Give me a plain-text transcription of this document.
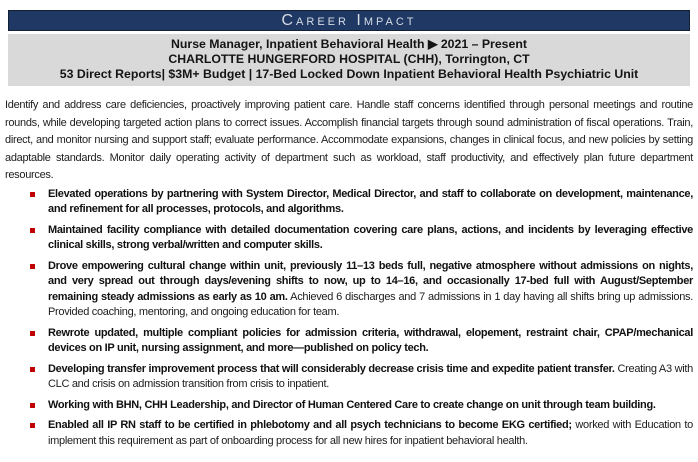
Career Impact
Nurse Manager, Inpatient Behavioral Health ▶ 2021 – Present
CHARLOTTE HUNGERFORD HOSPITAL (CHH), Torrington, CT
53 Direct Reports| $3M+ Budget | 17-Bed Locked Down Inpatient Behavioral Health Psychiatric Unit

Identify and address care deficiencies, proactively improving patient care. Handle staff concerns identified through personal meetings and routine rounds, while developing targeted action plans to correct issues. Accomplish financial targets through sound administration of fiscal operations. Train, direct, and monitor nursing and support staff; evaluate performance. Accommodate expansions, changes in clinical focus, and new policies by setting adaptable standards. Monitor daily operating activity of department such as workload, staff productivity, and effectively plan future department resources.

Elevated operations by partnering with System Director, Medical Director, and staff to collaborate on development, maintenance, and refinement for all processes, protocols, and algorithms.
Maintained facility compliance with detailed documentation covering care plans, actions, and incidents by leveraging effective clinical skills, strong verbal/written and computer skills.
Drove empowering cultural change within unit, previously 11–13 beds full, negative atmosphere without admissions on nights, and very spread out through days/evening shifts to now, up to 14–16, and occasionally 17-bed full with August/September remaining steady admissions as early as 10 am. Achieved 6 discharges and 7 admissions in 1 day having all shifts bring up admissions. Provided coaching, mentoring, and ongoing education for team.
Rewrote updated, multiple compliant policies for admission criteria, withdrawal, elopement, restraint chair, CPAP/mechanical devices on IP unit, nursing assignment, and more—published on policy tech.
Developing transfer improvement process that will considerably decrease crisis time and expedite patient transfer. Creating A3 with CLC and crisis on admission transition from crisis to inpatient.
Working with BHN, CHH Leadership, and Director of Human Centered Care to create change on unit through team building.
Enabled all IP RN staff to be certified in phlebotomy and all psych technicians to become EKG certified; worked with Education to implement this requirement as part of onboarding process for all new hires for inpatient behavioral health.
